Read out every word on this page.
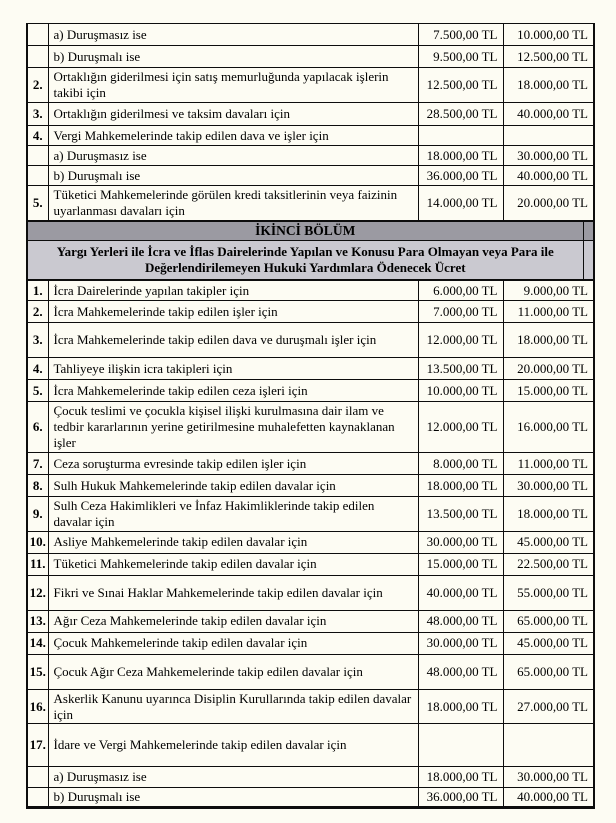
	a) Duruşmasız ise	7.500,00 TL	10.000,00 TL	
	b) Duruşmalı ise	9.500,00 TL	12.500,00 TL	
2.	Ortaklığın giderilmesi için satış memurluğunda yapılacak işlerin takibi için	12.500,00 TL	18.000,00 TL	
3.	Ortaklığın giderilmesi ve taksim davaları için	28.500,00 TL	40.000,00 TL	
4.	Vergi Mahkemelerinde takip edilen dava ve işler için			
	a) Duruşmasız ise	18.000,00 TL	30.000,00 TL	
	b) Duruşmalı ise	36.000,00 TL	40.000,00 TL	
5.	Tüketici Mahkemelerinde görülen kredi taksitlerinin veya faizinin uyarlanması davaları için	14.000,00 TL	20.000,00 TL	
İKİNCİ BÖLÜM				
Yargı Yerleri ile İcra ve İflas Dairelerinde Yapılan ve Konusu Para Olmayan veya Para ile Değerlendirilemeyen Hukuki Yardımlara Ödenecek Ücret				
1.	İcra Dairelerinde yapılan takipler için	6.000,00 TL	9.000,00 TL	
2.	İcra Mahkemelerinde takip edilen işler için	7.000,00 TL	11.000,00 TL	
3.	İcra Mahkemelerinde takip edilen dava ve duruşmalı işler için	12.000,00 TL	18.000,00 TL	
4.	Tahliyeye ilişkin icra takipleri için	13.500,00 TL	20.000,00 TL	
5.	İcra Mahkemelerinde takip edilen ceza işleri için	10.000,00 TL	15.000,00 TL	
6.	Çocuk teslimi ve çocukla kişisel ilişki kurulmasına dair ilam ve tedbir kararlarının yerine getirilmesine muhalefetten kaynaklanan işler	12.000,00 TL	16.000,00 TL	
7.	Ceza soruşturma evresinde takip edilen işler için	8.000,00 TL	11.000,00 TL	
8.	Sulh Hukuk Mahkemelerinde takip edilen davalar için	18.000,00 TL	30.000,00 TL	
9.	Sulh Ceza Hakimlikleri ve İnfaz Hakimliklerinde takip edilen davalar için	13.500,00 TL	18.000,00 TL	
10.	Asliye Mahkemelerinde takip edilen davalar için	30.000,00 TL	45.000,00 TL	
11.	Tüketici Mahkemelerinde takip edilen davalar için	15.000,00 TL	22.500,00 TL	
12.	Fikri ve Sınai Haklar Mahkemelerinde takip edilen davalar için	40.000,00 TL	55.000,00 TL	
13.	Ağır Ceza Mahkemelerinde takip edilen davalar için	48.000,00 TL	65.000,00 TL	
14.	Çocuk Mahkemelerinde takip edilen davalar için	30.000,00 TL	45.000,00 TL	
15.	Çocuk Ağır Ceza Mahkemelerinde takip edilen davalar için	48.000,00 TL	65.000,00 TL	
16.	Askerlik Kanunu uyarınca Disiplin Kurullarında takip edilen davalar için	18.000,00 TL	27.000,00 TL	
17.	İdare ve Vergi Mahkemelerinde takip edilen davalar için			
	a) Duruşmasız ise	18.000,00 TL	30.000,00 TL	
	b) Duruşmalı ise	36.000,00 TL	40.000,00 TL	
